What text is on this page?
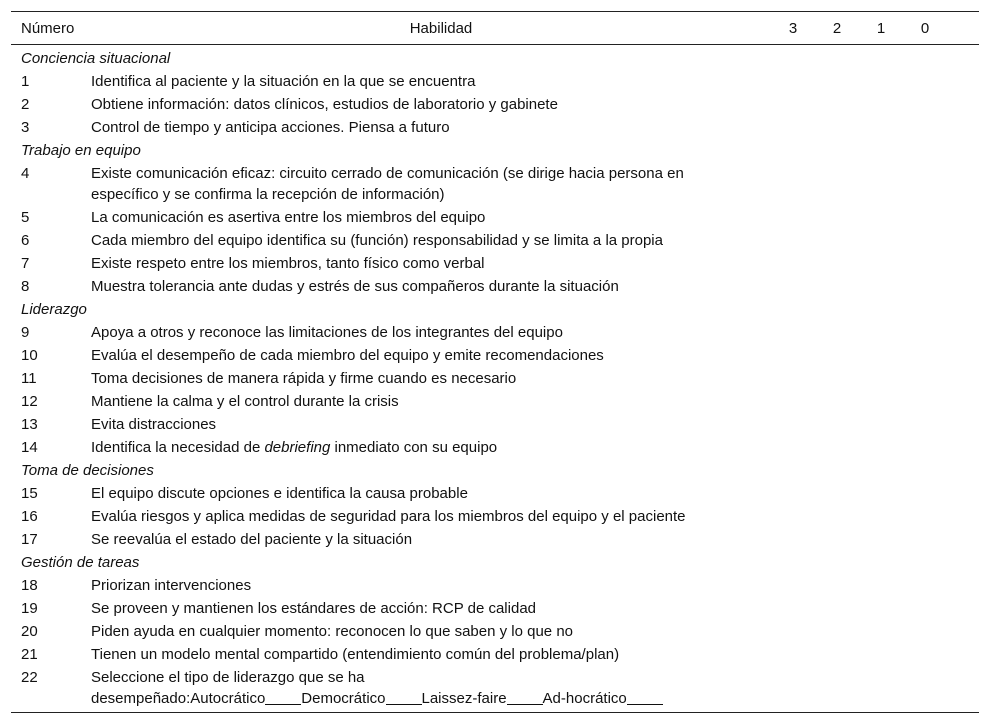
Número	Habilidad	3	2	1	0
Conciencia situacional
1	Identifica al paciente y la situación en la que se encuentra
2	Obtiene información: datos clínicos, estudios de laboratorio y gabinete
3	Control de tiempo y anticipa acciones. Piensa a futuro
Trabajo en equipo
4	Existe comunicación eficaz: circuito cerrado de comunicación (se dirige hacia persona en
específico y se confirma la recepción de información)
5	La comunicación es asertiva entre los miembros del equipo
6	Cada miembro del equipo identifica su (función) responsabilidad y se limita a la propia
7	Existe respeto entre los miembros, tanto físico como verbal
8	Muestra tolerancia ante dudas y estrés de sus compañeros durante la situación
Liderazgo
9	Apoya a otros y reconoce las limitaciones de los integrantes del equipo
10	Evalúa el desempeño de cada miembro del equipo y emite recomendaciones
11	Toma decisiones de manera rápida y firme cuando es necesario
12	Mantiene la calma y el control durante la crisis
13	Evita distracciones
14	Identifica la necesidad de debriefing inmediato con su equipo
Toma de decisiones
15	El equipo discute opciones e identifica la causa probable
16	Evalúa riesgos y aplica medidas de seguridad para los miembros del equipo y el paciente
17	Se reevalúa el estado del paciente y la situación
Gestión de tareas
18	Priorizan intervenciones
19	Se proveen y mantienen los estándares de acción: RCP de calidad
20	Piden ayuda en cualquier momento: reconocen lo que saben y lo que no
21	Tienen un modelo mental compartido (entendimiento común del problema/plan)
22	Seleccione el tipo de liderazgo que se ha
desempeñado:Autocrático Democrático Laissez-faire Ad-hocrático
